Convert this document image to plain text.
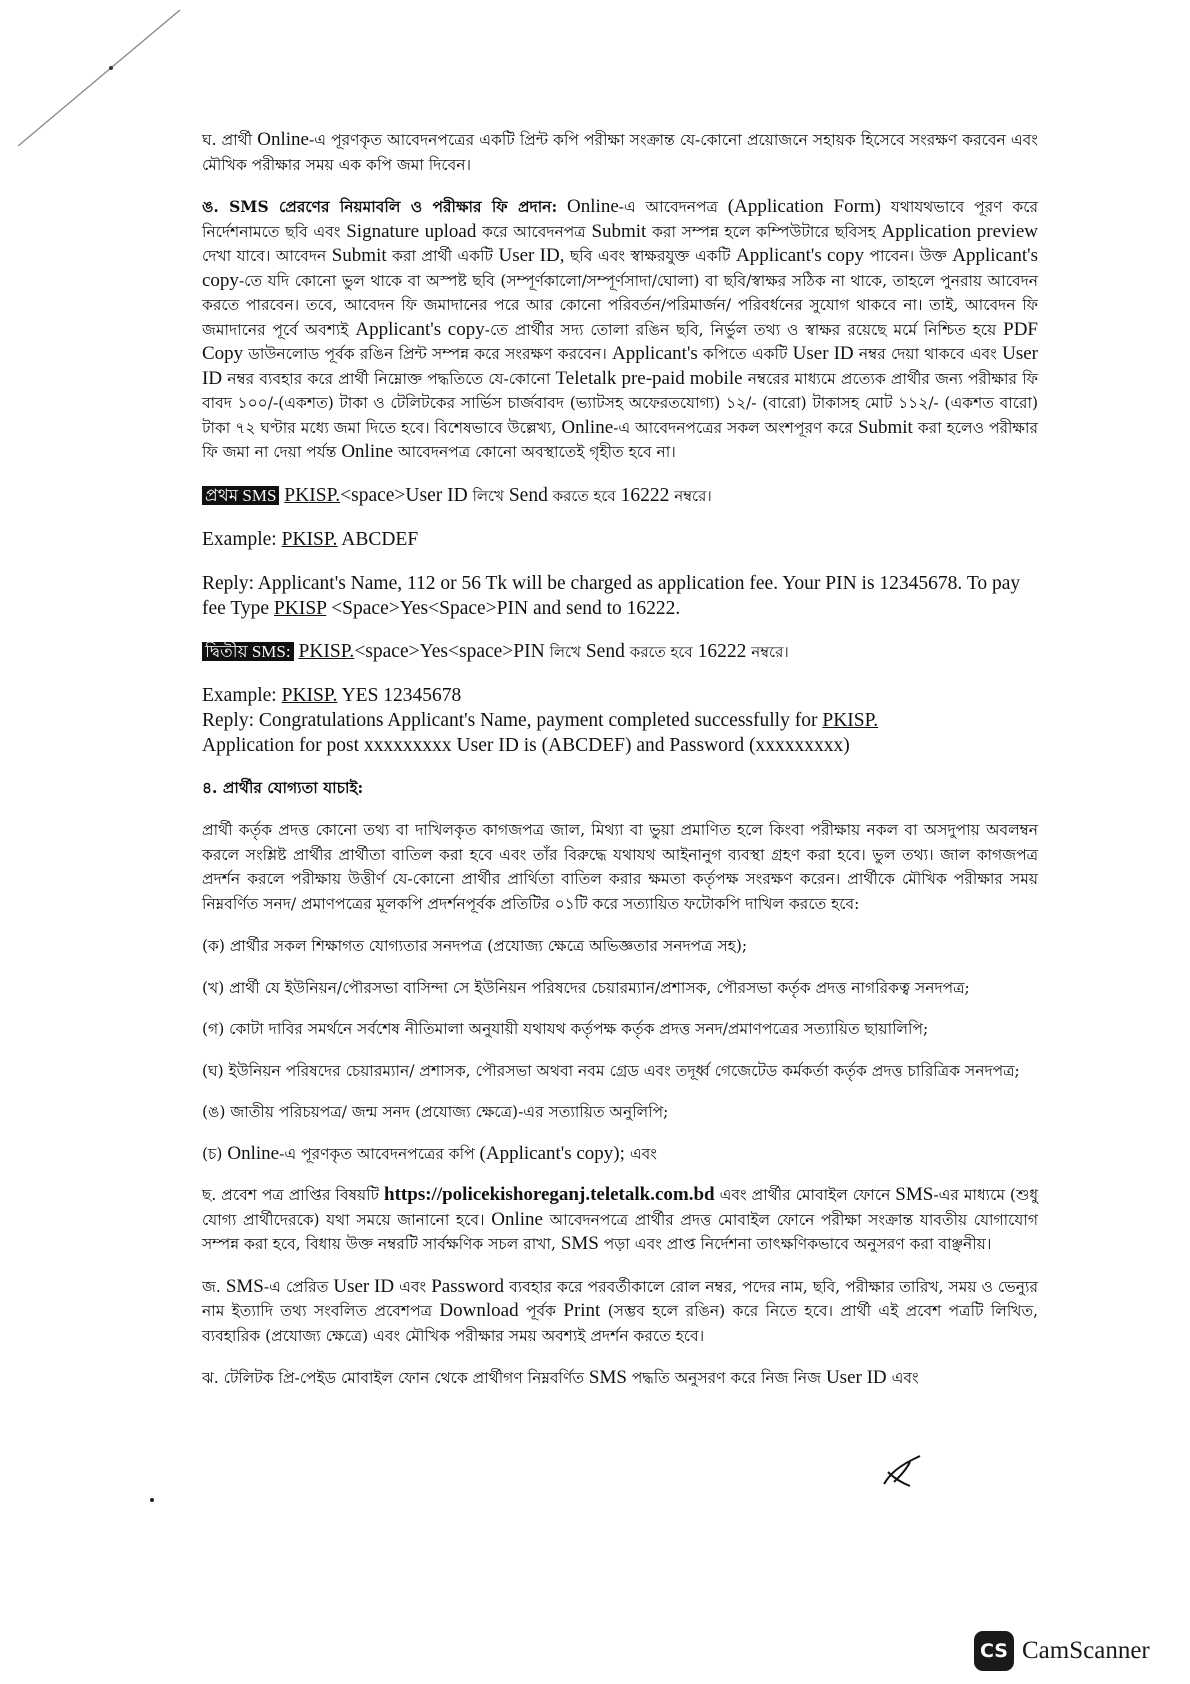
ঘ. প্রার্থী Online-এ পূরণকৃত আবেদনপত্রের একটি প্রিন্ট কপি পরীক্ষা সংক্রান্ত যে-কোনো প্রয়োজনে সহায়ক হিসেবে সংরক্ষণ করবেন এবং মৌখিক পরীক্ষার সময় এক কপি জমা দিবেন।

ঙ. SMS প্রেরণের নিয়মাবলি ও পরীক্ষার ফি প্রদান: Online-এ আবেদনপত্র (Application Form) যথাযথভাবে পূরণ করে নির্দেশনামতে ছবি এবং Signature upload করে আবেদনপত্র Submit করা সম্পন্ন হলে কম্পিউটারে ছবিসহ Application preview দেখা যাবে। আবেদন Submit করা প্রার্থী একটি User ID, ছবি এবং স্বাক্ষরযুক্ত একটি Applicant's copy পাবেন। উক্ত Applicant's copy-তে যদি কোনো ভুল থাকে বা অস্পষ্ট ছবি (সম্পূর্ণকালো/সম্পূর্ণসাদা/ঘোলা) বা ছবি/স্বাক্ষর সঠিক না থাকে, তাহলে পুনরায় আবেদন করতে পারবেন। তবে, আবেদন ফি জমাদানের পরে আর কোনো পরিবর্তন/পরিমার্জন/ পরিবর্ধনের সুযোগ থাকবে না। তাই, আবেদন ফি জমাদানের পূর্বে অবশ্যই Applicant's copy-তে প্রার্থীর সদ্য তোলা রঙিন ছবি, নির্ভুল তথ্য ও স্বাক্ষর রয়েছে মর্মে নিশ্চিত হয়ে PDF Copy ডাউনলোড পূর্বক রঙিন প্রিন্ট সম্পন্ন করে সংরক্ষণ করবেন। Applicant's কপিতে একটি User ID নম্বর দেয়া থাকবে এবং User ID নম্বর ব্যবহার করে প্রার্থী নিম্নোক্ত পদ্ধতিতে যে-কোনো Teletalk pre-paid mobile নম্বরের মাধ্যমে প্রত্যেক প্রার্থীর জন্য পরীক্ষার ফি বাবদ ১০০/-(একশত) টাকা ও টেলিটকের সার্ভিস চার্জবাবদ (ভ্যাটসহ অফেরতযোগ্য) ১২/- (বারো) টাকাসহ মোট ১১২/- (একশত বারো) টাকা ৭২ ঘণ্টার মধ্যে জমা দিতে হবে। বিশেষভাবে উল্লেখ্য, Online-এ আবেদনপত্রের সকল অংশপূরণ করে Submit করা হলেও পরীক্ষার ফি জমা না দেয়া পর্যন্ত Online আবেদনপত্র কোনো অবস্থাতেই গৃহীত হবে না।

প্রথম SMS PKISP.<space>User ID লিখে Send করতে হবে 16222 নম্বরে।

Example: PKISP. ABCDEF

Reply: Applicant's Name, 112 or 56 Tk will be charged as application fee. Your PIN is 12345678. To pay fee Type PKISP <Space>Yes<Space>PIN and send to 16222.

দ্বিতীয় SMS: PKISP.<space>Yes<space>PIN লিখে Send করতে হবে 16222 নম্বরে।

Example: PKISP. YES 12345678

Reply: Congratulations Applicant's Name, payment completed successfully for PKISP.
Application for post xxxxxxxxx User ID is (ABCDEF) and Password (xxxxxxxxx)

৪. প্রার্থীর যোগ্যতা যাচাই:

প্রার্থী কর্তৃক প্রদত্ত কোনো তথ্য বা দাখিলকৃত কাগজপত্র জাল, মিথ্যা বা ভুয়া প্রমাণিত হলে কিংবা পরীক্ষায় নকল বা অসদুপায় অবলম্বন করলে সংশ্লিষ্ট প্রার্থীর প্রার্থীতা বাতিল করা হবে এবং তাঁর বিরুদ্ধে যথাযথ আইনানুগ ব্যবস্থা গ্রহণ করা হবে। ভুল তথ্য। জাল কাগজপত্র প্রদর্শন করলে পরীক্ষায় উত্তীর্ণ যে-কোনো প্রার্থীর প্রার্থিতা বাতিল করার ক্ষমতা কর্তৃপক্ষ সংরক্ষণ করেন। প্রার্থীকে মৌখিক পরীক্ষার সময় নিম্নবর্ণিত সনদ/ প্রমাণপত্রের মূলকপি প্রদর্শনপূর্বক প্রতিটির ০১টি করে সত্যায়িত ফটোকপি দাখিল করতে হবে:

(ক) প্রার্থীর সকল শিক্ষাগত যোগ্যতার সনদপত্র (প্রযোজ্য ক্ষেত্রে অভিজ্ঞতার সনদপত্র সহ);

(খ) প্রার্থী যে ইউনিয়ন/পৌরসভা বাসিন্দা সে ইউনিয়ন পরিষদের চেয়ারম্যান/প্রশাসক, পৌরসভা কর্তৃক প্রদত্ত নাগরিকত্ব সনদপত্র;

(গ) কোটা দাবির সমর্থনে সর্বশেষ নীতিমালা অনুযায়ী যথাযথ কর্তৃপক্ষ কর্তৃক প্রদত্ত সনদ/প্রমাণপত্রের সত্যায়িত ছায়ালিপি;

(ঘ) ইউনিয়ন পরিষদের চেয়ারম্যান/ প্রশাসক, পৌরসভা অথবা নবম গ্রেড এবং তদূর্ধ্ব গেজেটেড কর্মকর্তা কর্তৃক প্রদত্ত চারিত্রিক সনদপত্র;

(ঙ) জাতীয় পরিচয়পত্র/ জন্ম সনদ (প্রযোজ্য ক্ষেত্রে)-এর সত্যায়িত অনুলিপি;

(চ) Online-এ পূরণকৃত আবেদনপত্রের কপি (Applicant's copy); এবং

ছ. প্রবেশ পত্র প্রাপ্তির বিষয়টি https://policekishoreganj.teletalk.com.bd এবং প্রার্থীর মোবাইল ফোনে SMS-এর মাধ্যমে (শুধু যোগ্য প্রার্থীদেরকে) যথা সময়ে জানানো হবে। Online আবেদনপত্রে প্রার্থীর প্রদত্ত মোবাইল ফোনে পরীক্ষা সংক্রান্ত যাবতীয় যোগাযোগ সম্পন্ন করা হবে, বিধায় উক্ত নম্বরটি সার্বক্ষণিক সচল রাখা, SMS পড়া এবং প্রাপ্ত নির্দেশনা তাৎক্ষণিকভাবে অনুসরণ করা বাঞ্ছনীয়।

জ. SMS-এ প্রেরিত User ID এবং Password ব্যবহার করে পরবর্তীকালে রোল নম্বর, পদের নাম, ছবি, পরীক্ষার তারিখ, সময় ও ভেন্যুর নাম ইত্যাদি তথ্য সংবলিত প্রবেশপত্র Download পূর্বক Print (সম্ভব হলে রঙিন) করে নিতে হবে। প্রার্থী এই প্রবেশ পত্রটি লিখিত, ব্যবহারিক (প্রযোজ্য ক্ষেত্রে) এবং মৌখিক পরীক্ষার সময় অবশ্যই প্রদর্শন করতে হবে।

ঝ. টেলিটক প্রি-পেইড মোবাইল ফোন থেকে প্রার্থীগণ নিম্নবর্ণিত SMS পদ্ধতি অনুসরণ করে নিজ নিজ User ID এবং

CS CamScanner
